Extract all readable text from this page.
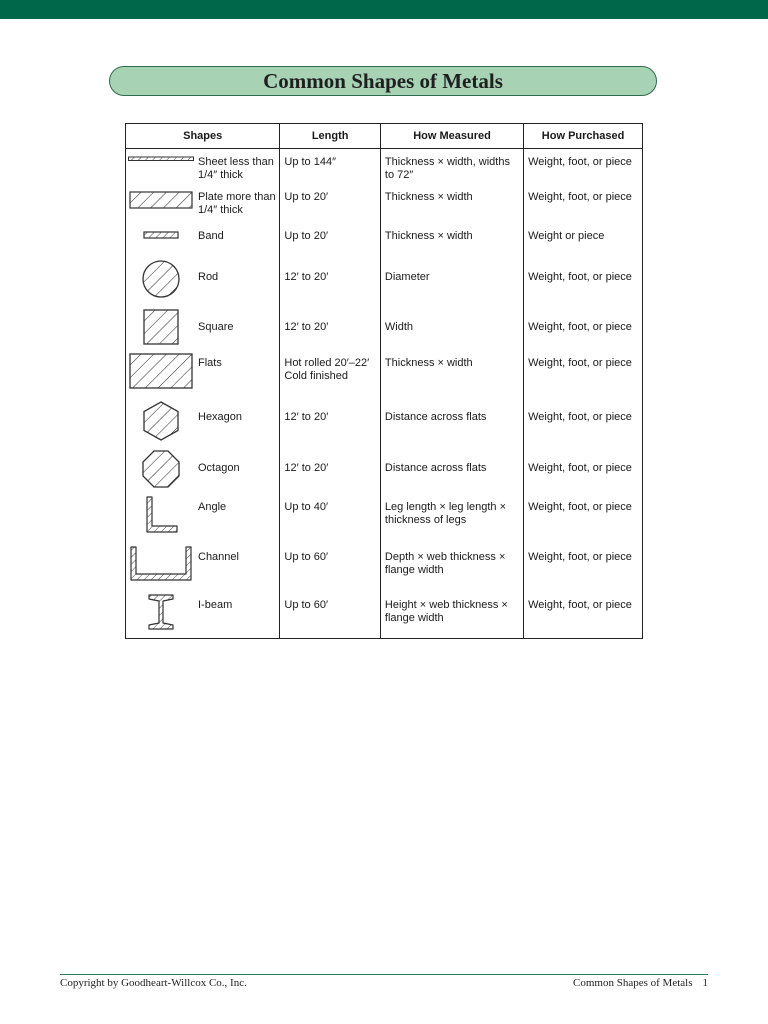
Common Shapes of Metals
Shapes	Length	How Measured	How Purchased

Sheet less than 1/4″ thick	Up to 144″	Thickness × width, widths to 72″	Weight, foot, or piece

Plate more than 1/4″ thick	Up to 20′	Thickness × width	Weight, foot, or piece

Band	Up to 20′	Thickness × width	Weight or piece

Rod	12′ to 20′	Diameter	Weight, foot, or piece

Square	12′ to 20′	Width	Weight, foot, or piece

Flats	Hot rolled 20′–22′ Cold finished	Thickness × width	Weight, foot, or piece

Hexagon	12′ to 20′	Distance across flats	Weight, foot, or piece

Octagon	12′ to 20′	Distance across flats	Weight, foot, or piece

Angle	Up to 40′	Leg length × leg length × thickness of legs	Weight, foot, or piece

Channel	Up to 60′	Depth × web thickness × flange width	Weight, foot, or piece

I-beam	Up to 60′	Height × web thickness × flange width	Weight, foot, or piece
Copyright by Goodheart-Willcox Co., Inc.	Common Shapes of Metals 1
